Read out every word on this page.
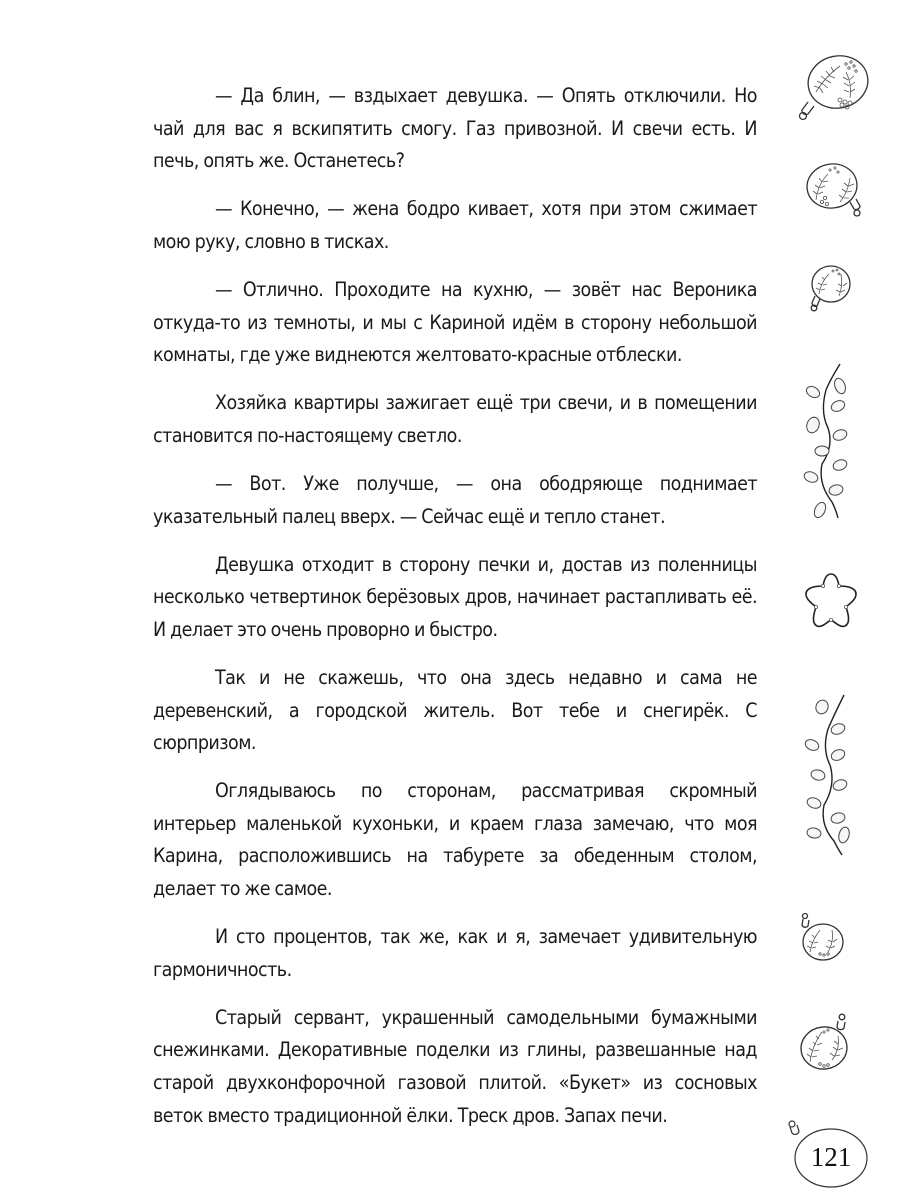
— Да блин, — вздыхает девушка. — Опять отключили. Но чай для вас я вскипятить смогу. Газ привозной. И свечи есть. И печь, опять же. Останетесь?

— Конечно, — жена бодро кивает, хотя при этом сжимает мою руку, словно в тисках.

— Отлично. Проходите на кухню, — зовёт нас Вероника откуда-то из темноты, и мы с Кариной идём в сторону небольшой комнаты, где уже виднеются желтовато-красные отблески.

Хозяйка квартиры зажигает ещё три свечи, и в помещении становится по-настоящему светло.

— Вот. Уже получше, — она ободряюще поднимает указательный палец вверх. — Сейчас ещё и тепло станет.

Девушка отходит в сторону печки и, достав из поленницы несколько четвертинок берёзовых дров, начинает растапливать её. И делает это очень проворно и быстро.

Так и не скажешь, что она здесь недавно и сама не деревенский, а городской житель. Вот тебе и снегирёк. С сюрпризом.

Оглядываюсь по сторонам, рассматривая скромный интерьер маленькой кухоньки, и краем глаза замечаю, что моя Карина, расположившись на табурете за обеденным столом, делает то же самое.

И сто процентов, так же, как и я, замечает удивительную гармоничность.

Старый сервант, украшенный самодельными бумажными снежинками. Декоративные поделки из глины, развешанные над старой двухконфорочной газовой плитой. «Букет» из сосновых веток вместо традиционной ёлки. Треск дров. Запах печи.

121
